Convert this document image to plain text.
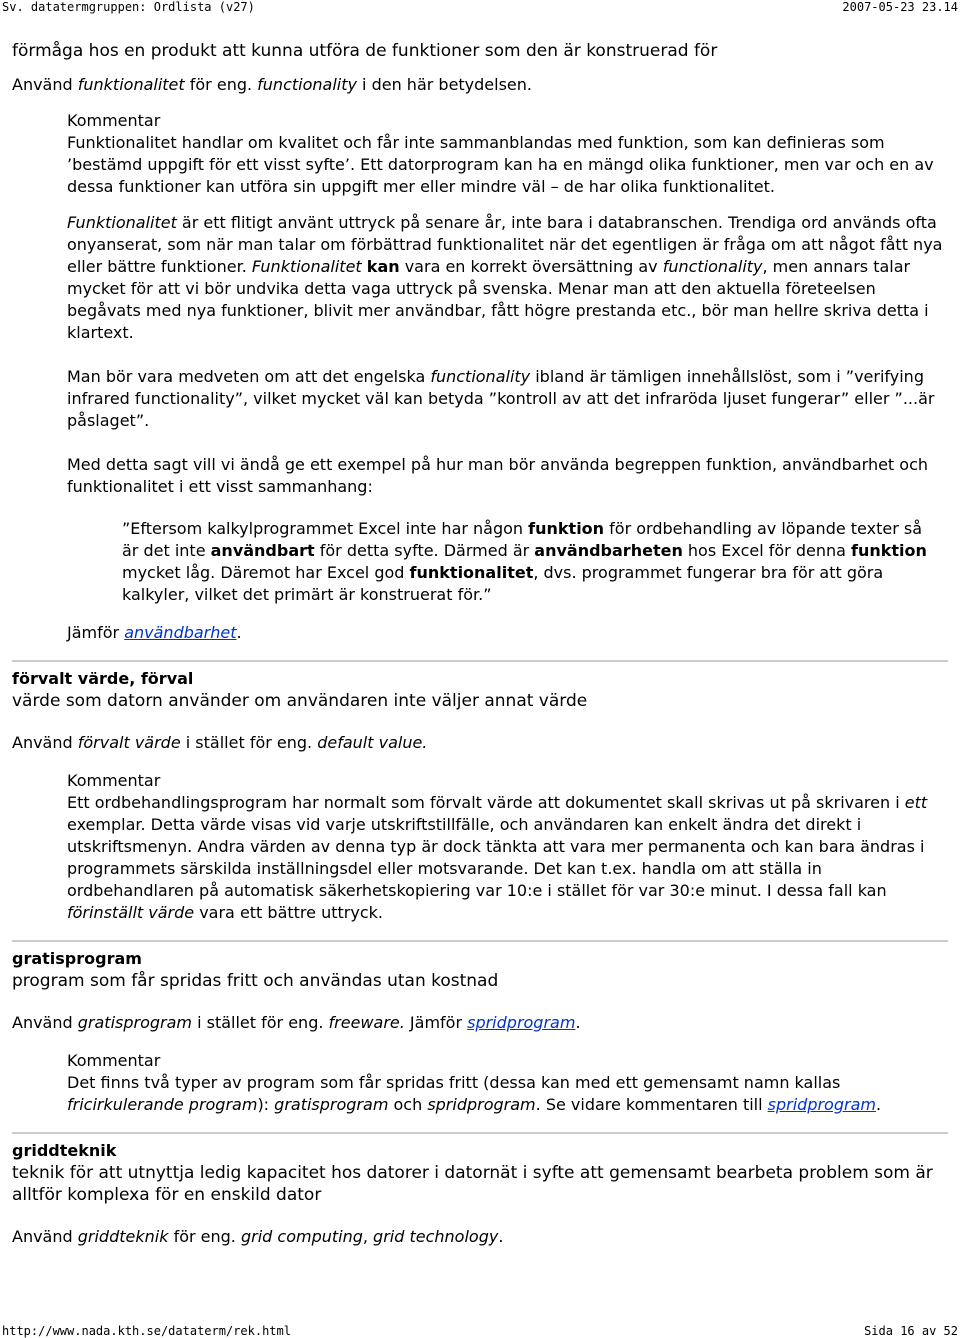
Sv. datatermgruppen: Ordlista (v27)	2007-05-23 23.14

förmåga hos en produkt att kunna utföra de funktioner som den är konstruerad för

Använd funktionalitet för eng. functionality i den här betydelsen.

Kommentar

Funktionalitet handlar om kvalitet och får inte sammanblandas med funktion, som kan definieras som ’bestämd uppgift för ett visst syfte’. Ett datorprogram kan ha en mängd olika funktioner, men var och en av dessa funktioner kan utföra sin uppgift mer eller mindre väl – de har olika funktionalitet.

Funktionalitet är ett flitigt använt uttryck på senare år, inte bara i databranschen. Trendiga ord används ofta onyanserat, som när man talar om förbättrad funktionalitet när det egentligen är fråga om att något fått nya eller bättre funktioner. Funktionalitet kan vara en korrekt översättning av functionality, men annars talar mycket för att vi bör undvika detta vaga uttryck på svenska. Menar man att den aktuella företeelsen begåvats med nya funktioner, blivit mer användbar, fått högre prestanda etc., bör man hellre skriva detta i klartext.

Man bör vara medveten om att det engelska functionality ibland är tämligen innehållslöst, som i ”verifying infrared functionality”, vilket mycket väl kan betyda ”kontroll av att det infraröda ljuset fungerar” eller ”...är påslaget”.

Med detta sagt vill vi ändå ge ett exempel på hur man bör använda begreppen funktion, användbarhet och funktionalitet i ett visst sammanhang:

”Eftersom kalkylprogrammet Excel inte har någon funktion för ordbehandling av löpande texter så är det inte användbart för detta syfte. Därmed är användbarheten hos Excel för denna funktion mycket låg. Däremot har Excel god funktionalitet, dvs. programmet fungerar bra för att göra kalkyler, vilket det primärt är konstruerat för.”

Jämför användbarhet.

förvalt värde, förval

värde som datorn använder om användaren inte väljer annat värde

Använd förvalt värde i stället för eng. default value.

Kommentar

Ett ordbehandlingsprogram har normalt som förvalt värde att dokumentet skall skrivas ut på skrivaren i ett exemplar. Detta värde visas vid varje utskriftstillfälle, och användaren kan enkelt ändra det direkt i utskriftsmenyn. Andra värden av denna typ är dock tänkta att vara mer permanenta och kan bara ändras i programmets särskilda inställningsdel eller motsvarande. Det kan t.ex. handla om att ställa in ordbehandlaren på automatisk säkerhetskopiering var 10:e i stället för var 30:e minut. I dessa fall kan förinställt värde vara ett bättre uttryck.

gratisprogram

program som får spridas fritt och användas utan kostnad

Använd gratisprogram i stället för eng. freeware. Jämför spridprogram.

Kommentar

Det finns två typer av program som får spridas fritt (dessa kan med ett gemensamt namn kallas fricirkulerande program): gratisprogram och spridprogram. Se vidare kommentaren till spridprogram.

griddteknik

teknik för att utnyttja ledig kapacitet hos datorer i datornät i syfte att gemensamt bearbeta problem som är alltför komplexa för en enskild dator

Använd griddteknik för eng. grid computing, grid technology.

http://www.nada.kth.se/dataterm/rek.html	Sida 16 av 52
